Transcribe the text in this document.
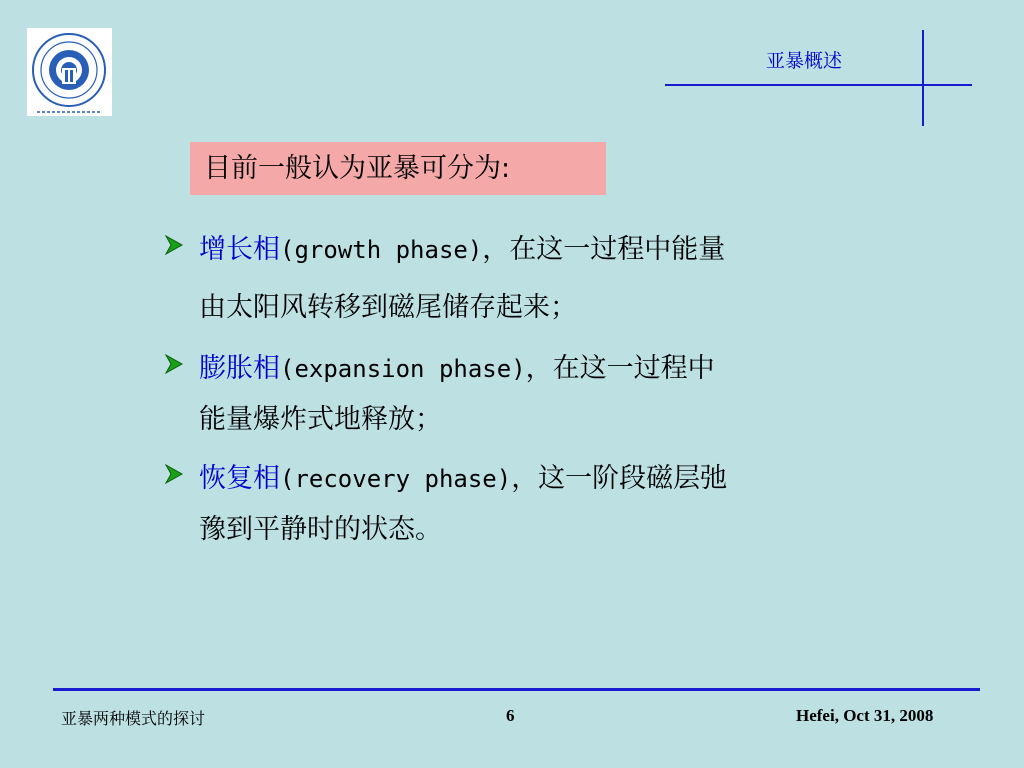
亚暴概述
目前一般认为亚暴可分为:
增长相(growth phase)，在这一过程中能量
由太阳风转移到磁尾储存起来；
膨胀相(expansion phase)，在这一过程中
能量爆炸式地释放；
恢复相(recovery phase)，这一阶段磁层弛
豫到平静时的状态。
亚暴两种模式的探讨	6	Hefei, Oct 31, 2008
